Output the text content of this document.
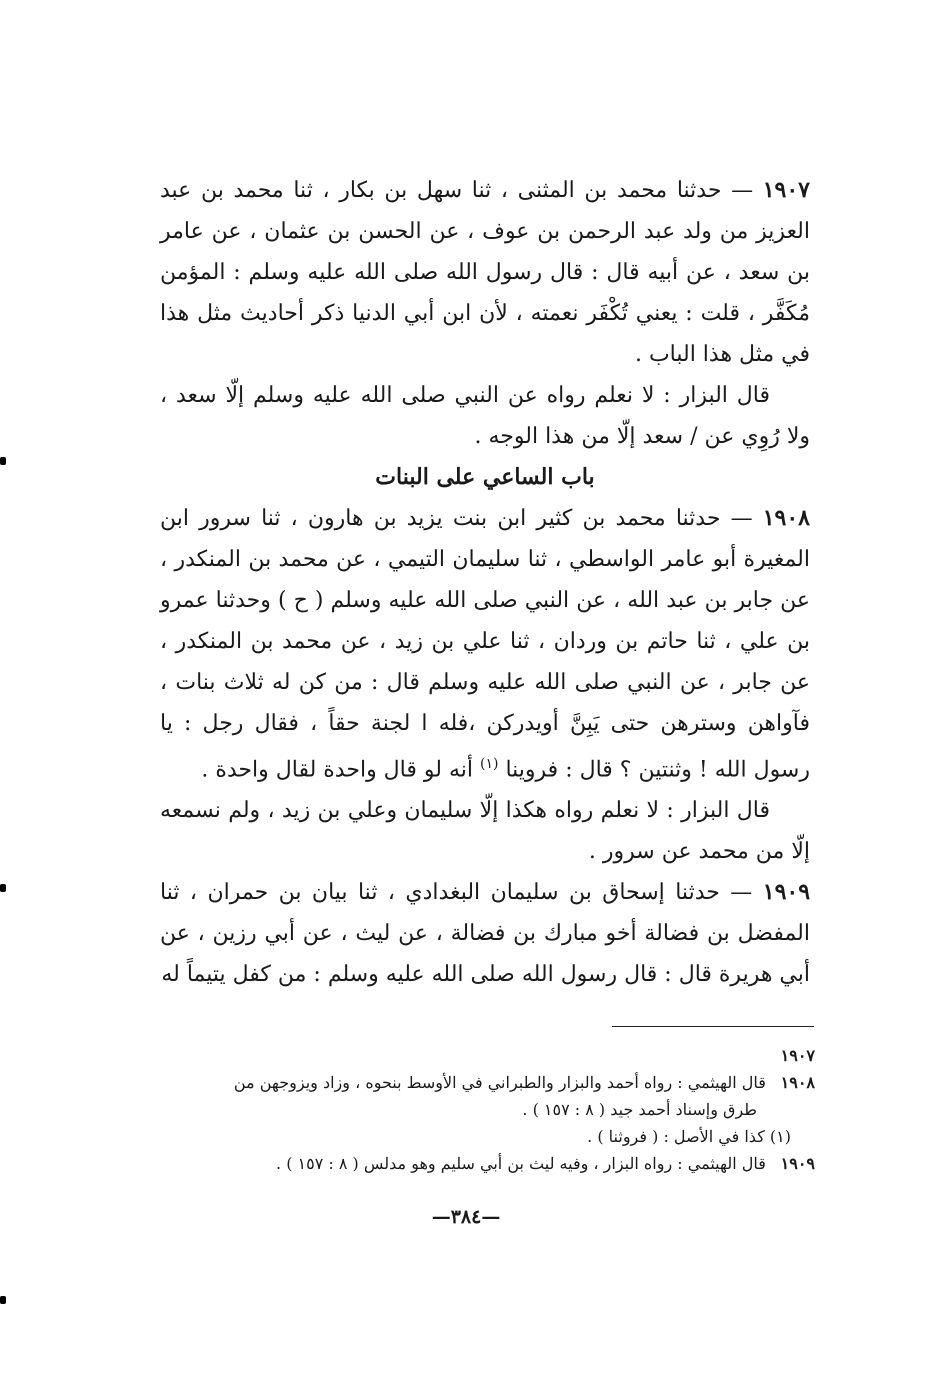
١٩٠٧ — حدثنا محمد بن المثنى ، ثنا سهل بن بكار ، ثنا محمد بن عبد العزيز من ولد عبد الرحمن بن عوف ، عن الحسن بن عثمان ، عن عامر بن سعد ، عن أبيه قال : قال رسول الله صلى الله عليه وسلم : المؤمن مُكَفَّر ، قلت : يعني تُكْفَر نعمته ، لأن ابن أبي الدنيا ذكر أحاديث مثل هذا في مثل هذا الباب .

قال البزار : لا نعلم رواه عن النبي صلى الله عليه وسلم إلّا سعد ، ولا رُوِي عن / سعد إلّا من هذا الوجه .

باب الساعي على البنات

١٩٠٨ — حدثنا محمد بن كثير ابن بنت يزيد بن هارون ، ثنا سرور ابن المغيرة أبو عامر الواسطي ، ثنا سليمان التيمي ، عن محمد بن المنكدر ، عن جابر بن عبد الله ، عن النبي صلى الله عليه وسلم ( ح ) وحدثنا عمرو بن علي ، ثنا حاتم بن وردان ، ثنا علي بن زيد ، عن محمد بن المنكدر ، عن جابر ، عن النبي صلى الله عليه وسلم قال : من كن له ثلاث بنات ، فآواهن وسترهن حتى يَبِنَّ أويدركن ،فله ا لجنة حقاً ، فقال رجل : يا رسول الله ! وثنتين ؟ قال : فروينا $^{(١)}$ أنه لو قال واحدة لقال واحدة .

قال البزار : لا نعلم رواه هكذا إلّا سليمان وعلي بن زيد ، ولم نسمعه إلّا من محمد عن سرور .

١٩٠٩ — حدثنا إسحاق بن سليمان البغدادي ، ثنا بيان بن حمران ، ثنا المفضل بن فضالة أخو مبارك بن فضالة ، عن ليث ، عن أبي رزين ، عن أبي هريرة قال : قال رسول الله صلى الله عليه وسلم : من كفل يتيماً له

١٩٠٧

١٩٠٨ قال الهيثمي : رواه أحمد والبزار والطبراني في الأوسط بنحوه ، وزاد ويزوجهن من

طرق وإسناد أحمد جيد ( ٨ : ١٥٧ ) .

(١) كذا في الأصل : ( فروثنا ) .

١٩٠٩ قال الهيثمي : رواه البزار ، وفيه ليث بن أبي سليم وهو مدلس ( ٨ : ١٥٧ ) .

—٣٨٤—
